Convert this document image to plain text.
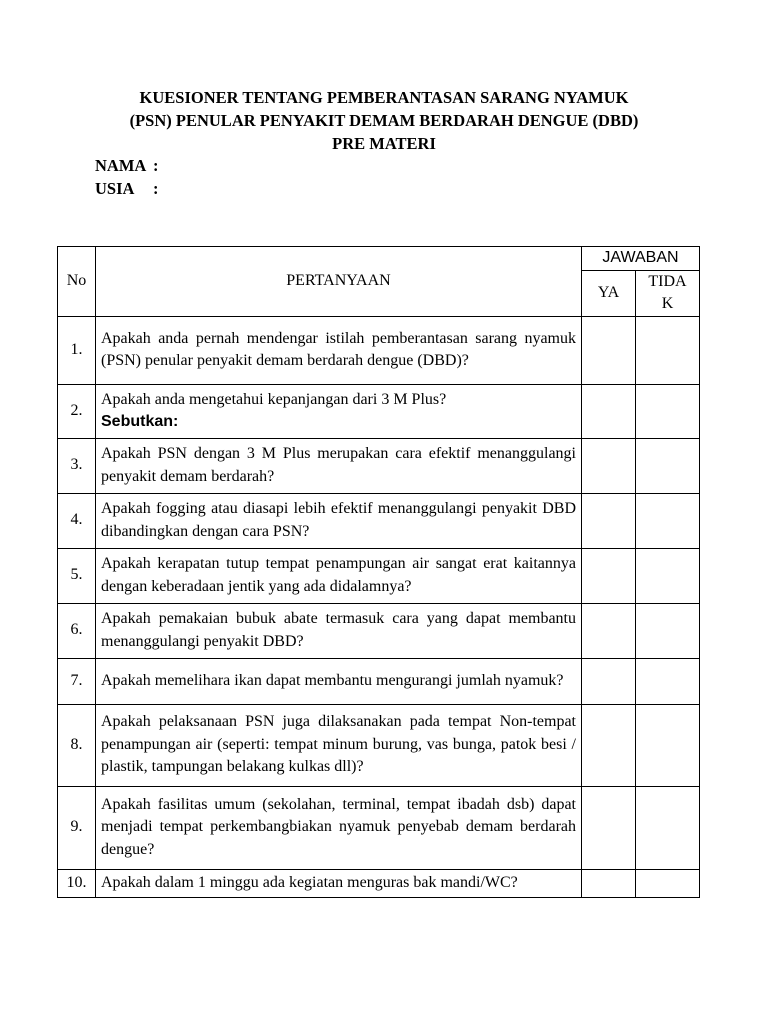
KUESIONER TENTANG PEMBERANTASAN SARANG NYAMUK
(PSN) PENULAR PENYAKIT DEMAM BERDARAH DENGUE (DBD)
PRE MATERI
NAMA :
USIA :
No	PERTANYAAN	JAWABAN	
		YA	TIDA
K
1.	Apakah anda pernah mendengar istilah pemberantasan sarang nyamuk (PSN) penular penyakit demam berdarah dengue (DBD)?		
2.	Apakah anda mengetahui kepanjangan dari 3 M Plus?
Sebutkan:		

3.	Apakah PSN dengan 3 M Plus merupakan cara efektif menanggulangi penyakit demam berdarah?		
4.	Apakah fogging atau diasapi lebih efektif menanggulangi penyakit DBD dibandingkan dengan cara PSN?		
5.	Apakah kerapatan tutup tempat penampungan air sangat erat kaitannya dengan keberadaan jentik yang ada didalamnya?		
6.	Apakah pemakaian bubuk abate termasuk cara yang dapat membantu menanggulangi penyakit DBD?		
7.	Apakah memelihara ikan dapat membantu mengurangi jumlah nyamuk?		
8.	Apakah pelaksanaan PSN juga dilaksanakan pada tempat Non-tempat penampungan air (seperti: tempat minum burung, vas bunga, patok besi / plastik, tampungan belakang kulkas dll)?		
9.	Apakah fasilitas umum (sekolahan, terminal, tempat ibadah dsb) dapat menjadi tempat perkembangbiakan nyamuk penyebab demam berdarah dengue?		
10.	Apakah dalam 1 minggu ada kegiatan menguras bak mandi/WC?		
